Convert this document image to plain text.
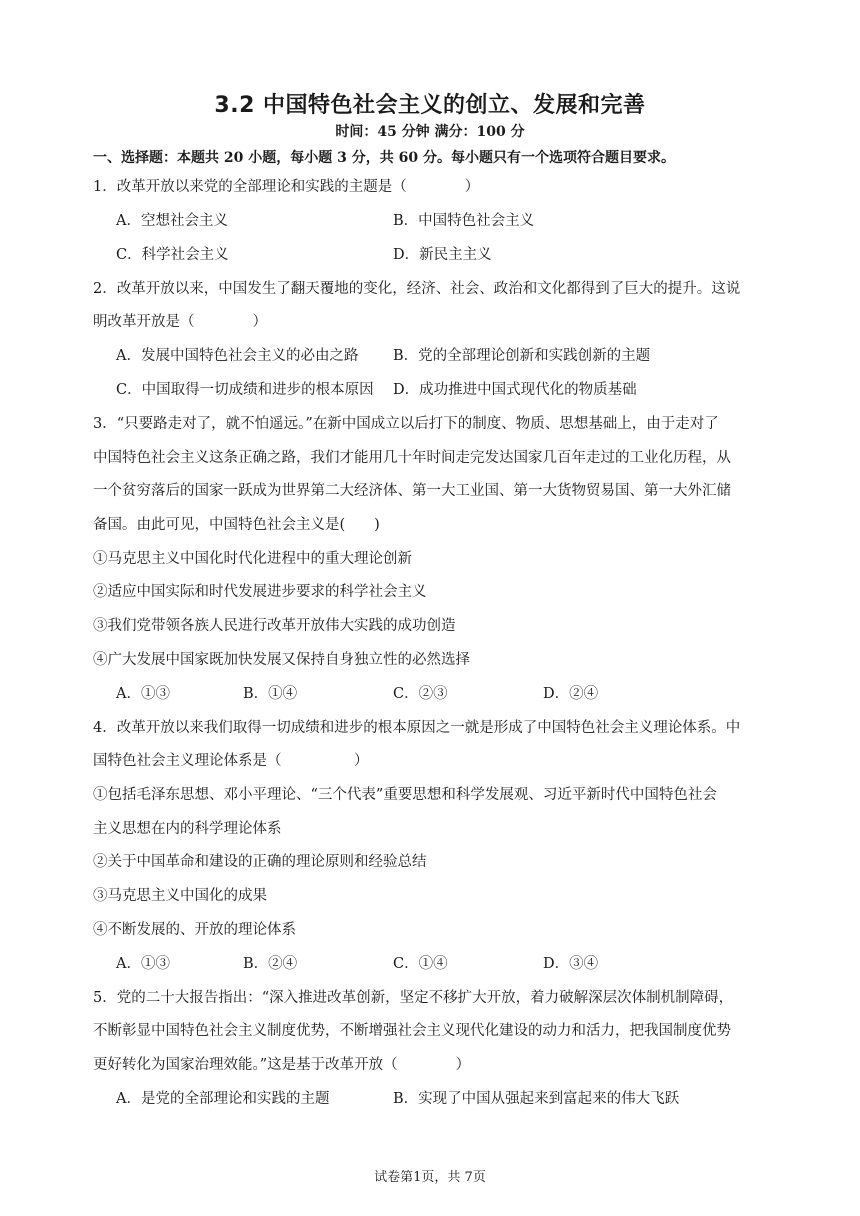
3.2 中国特色社会主义的创立、发展和完善
时间：45 分钟 满分：100 分
一、选择题：本题共 20 小题，每小题 3 分，共 60 分。每小题只有一个选项符合题目要求。
1．改革开放以来党的全部理论和实践的主题是（　　　　）
A．空想社会主义	B．中国特色社会主义
C．科学社会主义	D．新民主主义
2．改革开放以来，中国发生了翻天覆地的变化，经济、社会、政治和文化都得到了巨大的提升。这说
明改革开放是（　　　　）
A．发展中国特色社会主义的必由之路 B．党的全部理论创新和实践创新的主题
C．中国取得一切成绩和进步的根本原因 D．成功推进中国式现代化的物质基础
3．“只要路走对了，就不怕遥远。”在新中国成立以后打下的制度、物质、思想基础上，由于走对了
中国特色社会主义这条正确之路，我们才能用几十年时间走完发达国家几百年走过的工业化历程，从
一个贫穷落后的国家一跃成为世界第二大经济体、第一大工业国、第一大货物贸易国、第一大外汇储
备国。由此可见，中国特色社会主义是(　　)
①马克思主义中国化时代化进程中的重大理论创新
②适应中国实际和时代发展进步要求的科学社会主义
③我们党带领各族人民进行改革开放伟大实践的成功创造
④广大发展中国家既加快发展又保持自身独立性的必然选择
A．①③	B．①④	C．②③	D．②④
4．改革开放以来我们取得一切成绩和进步的根本原因之一就是形成了中国特色社会主义理论体系。中
国特色社会主义理论体系是（　　　　　）
①包括毛泽东思想、邓小平理论、“三个代表”重要思想和科学发展观、习近平新时代中国特色社会
主义思想在内的科学理论体系
②关于中国革命和建设的正确的理论原则和经验总结
③马克思主义中国化的成果
④不断发展的、开放的理论体系
A．①③	B．②④	C．①④	D．③④
5．党的二十大报告指出：“深入推进改革创新，坚定不移扩大开放，着力破解深层次体制机制障碍，
不断彰显中国特色社会主义制度优势，不断增强社会主义现代化建设的动力和活力，把我国制度优势
更好转化为国家治理效能。”这是基于改革开放（　　　　）
A．是党的全部理论和实践的主题	B．实现了中国从强起来到富起来的伟大飞跃
试卷第1页，共 7页
